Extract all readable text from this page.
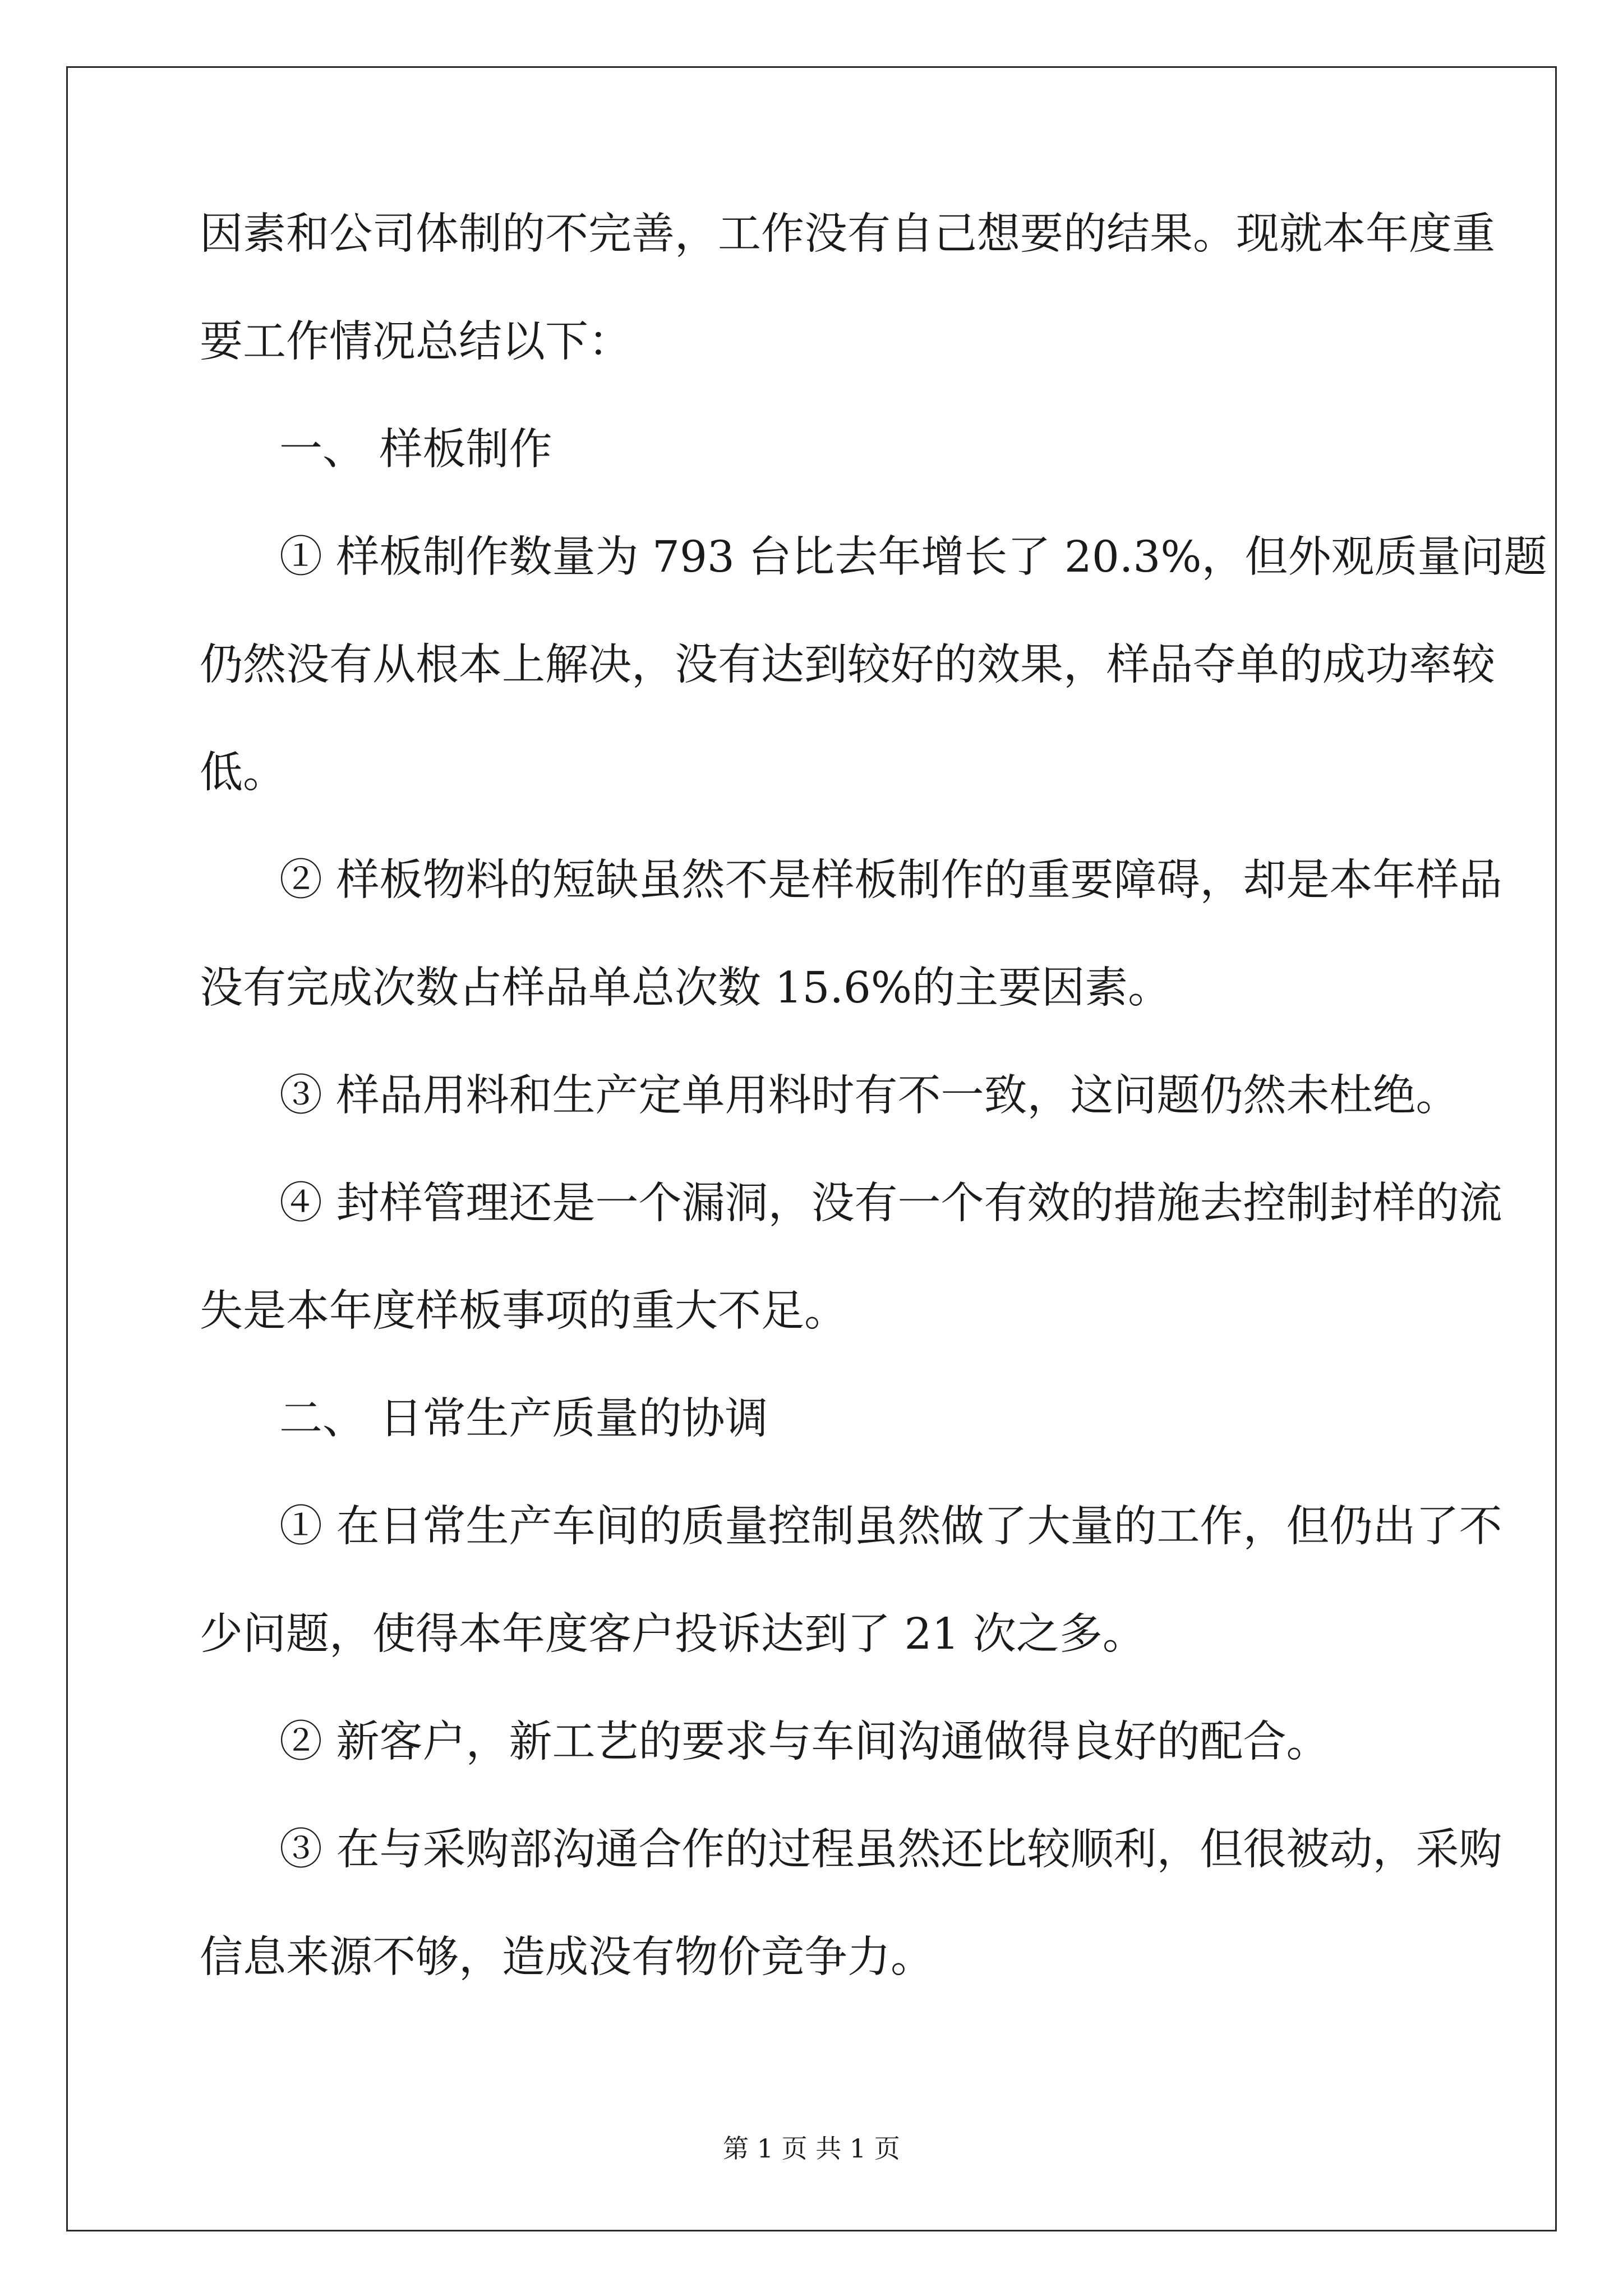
因素和公司体制的不完善，工作没有自己想要的结果。现就本年度重
要工作情况总结以下：
一、 样板制作
① 样板制作数量为 793 台比去年增长了 20.3%，但外观质量问题
仍然没有从根本上解决，没有达到较好的效果，样品夺单的成功率较
低。
② 样板物料的短缺虽然不是样板制作的重要障碍，却是本年样品
没有完成次数占样品单总次数 15.6%的主要因素。
③ 样品用料和生产定单用料时有不一致，这问题仍然未杜绝。
④ 封样管理还是一个漏洞，没有一个有效的措施去控制封样的流
失是本年度样板事项的重大不足。
二、 日常生产质量的协调
① 在日常生产车间的质量控制虽然做了大量的工作，但仍出了不
少问题，使得本年度客户投诉达到了 21 次之多。
② 新客户，新工艺的要求与车间沟通做得良好的配合。
③ 在与采购部沟通合作的过程虽然还比较顺利，但很被动，采购
信息来源不够，造成没有物价竞争力。
第 1 页 共 1 页
